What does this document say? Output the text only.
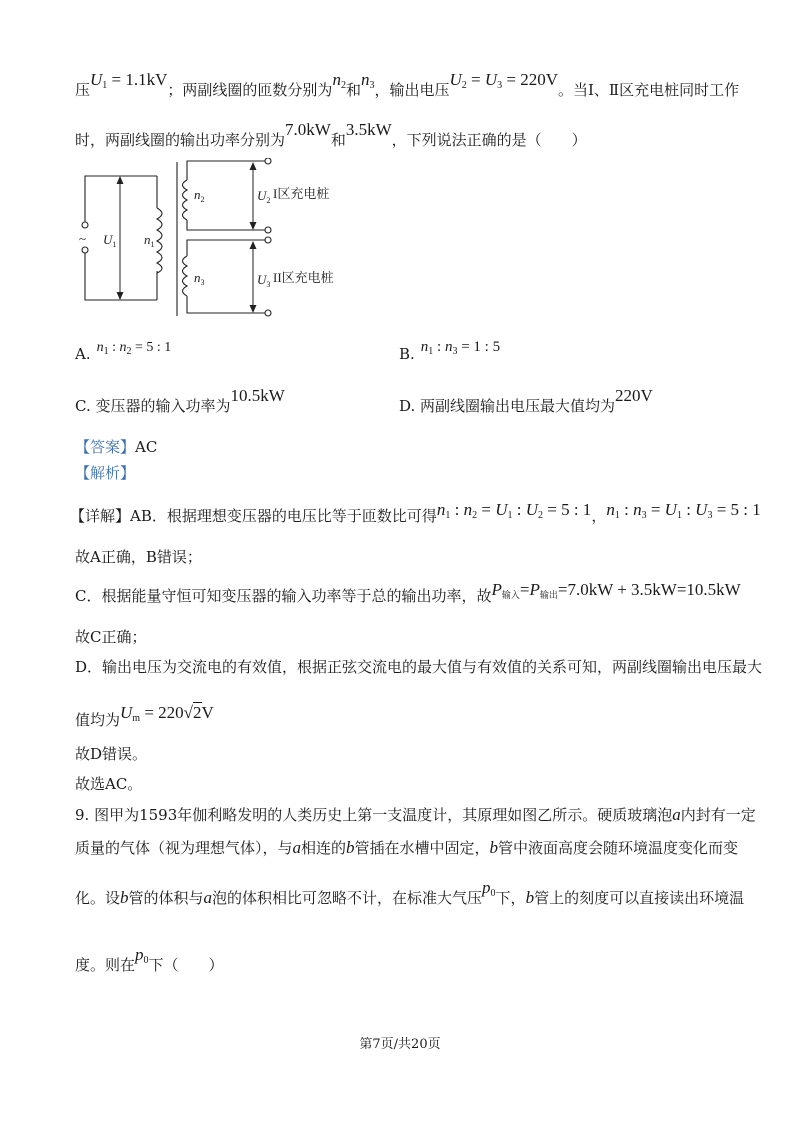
压$U_1 = 1.1kV$；两副线圈的匝数分别为$n_2$和$n_3$，输出电压$U_2 = U_3 = 220V$。当Ⅰ、Ⅱ区充电桩同时工作
时，两副线圈的输出功率分别为7.0kW和3.5kW，下列说法正确的是（　　）
~ $U_1$ $n_1$
$n_2$
$n_3$
$U_2$
$U_3$
I区充电桩
II区充电桩
A. $n_1$ : $n_2 = 5$ : 1	B. $n_1$ : $n_3 = 1$ : 5
C. 变压器的输入功率为10.5kW
D. 两副线圈输出电压最大值均为220V
【答案】AC
【解析】
【详解】AB．根据理想变压器的电压比等于匝数比可得$n_1$ : $n_2 = U_1$ : $U_2 = 5$ : 1，$n_1$ : $n_3 = U_1$ : $U_3 = 5$ : 1
故A正确，B错误；
C．根据能量守恒可知变压器的输入功率等于总的输出功率，故$P_{输入}=P_{输出}=7.0kW + 3.5kW=10.5kW$
故C正确；
D．输出电压为交流电的有效值，根据正弦交流电的最大值与有效值的关系可知，两副线圈输出电压最大
值均为$U_m = 220√2V$
故D错误。
故选AC。
9. 图甲为1593年伽利略发明的人类历史上第一支温度计，其原理如图乙所示。硬质玻璃泡a内封有一定
质量的气体（视为理想气体），与a相连的b管插在水槽中固定，b管中液面高度会随环境温度变化而变
化。设b管的体积与a泡的体积相比可忽略不计，在标准大气压$p_0$下，b管上的刻度可以直接读出环境温
度。则在$p_0$下（　　）
第7页/共20页
